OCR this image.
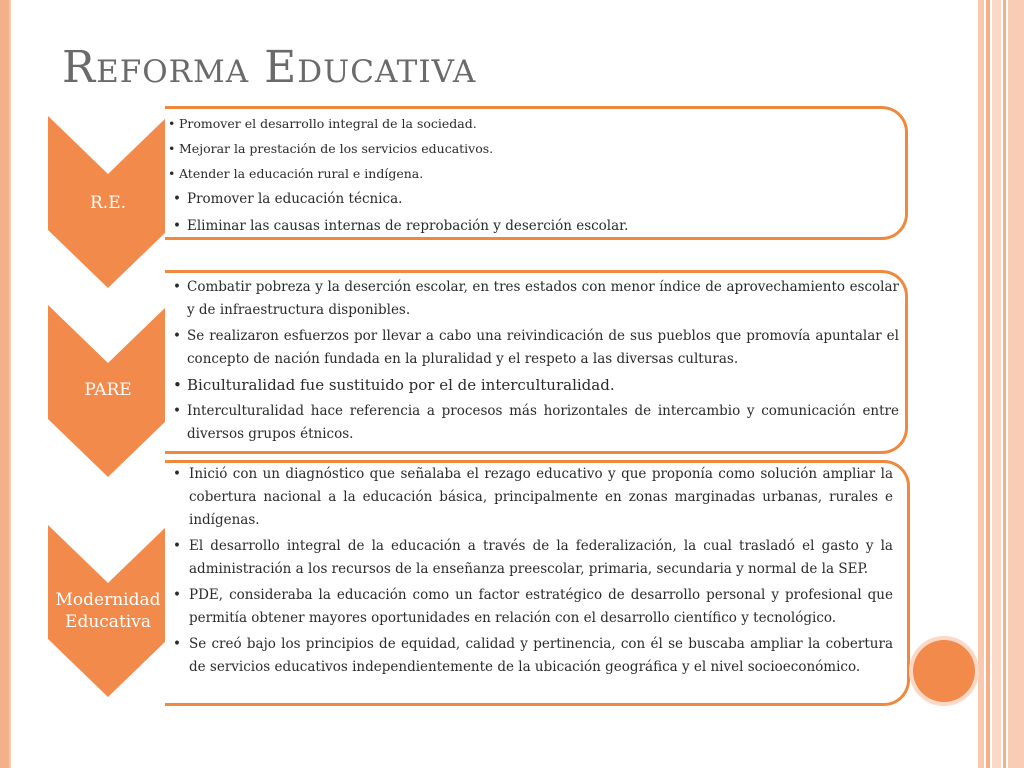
Reforma Educativa
R.E.
• Promover el desarrollo integral de la sociedad.
• Mejorar la prestación de los servicios educativos.
• Atender la educación rural e indígena.
• Promover la educación técnica.
• Eliminar las causas internas de reprobación y deserción escolar.
PARE
• Combatir pobreza y la deserción escolar, en tres estados con menor índice de aprovechamiento escolar y de infraestructura disponibles.
• Se realizaron esfuerzos por llevar a cabo una reivindicación de sus pueblos que promovía apuntalar el concepto de nación fundada en la pluralidad y el respeto a las diversas culturas.
• Biculturalidad fue sustituido por el de interculturalidad.
• Interculturalidad hace referencia a procesos más horizontales de intercambio y comunicación entre diversos grupos étnicos.
Modernidad Educativa
• Inició con un diagnóstico que señalaba el rezago educativo y que proponía como solución ampliar la cobertura nacional a la educación básica, principalmente en zonas marginadas urbanas, rurales e indígenas.
• El desarrollo integral de la educación a través de la federalización, la cual trasladó el gasto y la administración a los recursos de la enseñanza preescolar, primaria, secundaria y normal de la SEP.
• PDE, consideraba la educación como un factor estratégico de desarrollo personal y profesional que permitía obtener mayores oportunidades en relación con el desarrollo científico y tecnológico.
• Se creó bajo los principios de equidad, calidad y pertinencia, con él se buscaba ampliar la cobertura de servicios educativos independientemente de la ubicación geográfica y el nivel socioeconómico.
